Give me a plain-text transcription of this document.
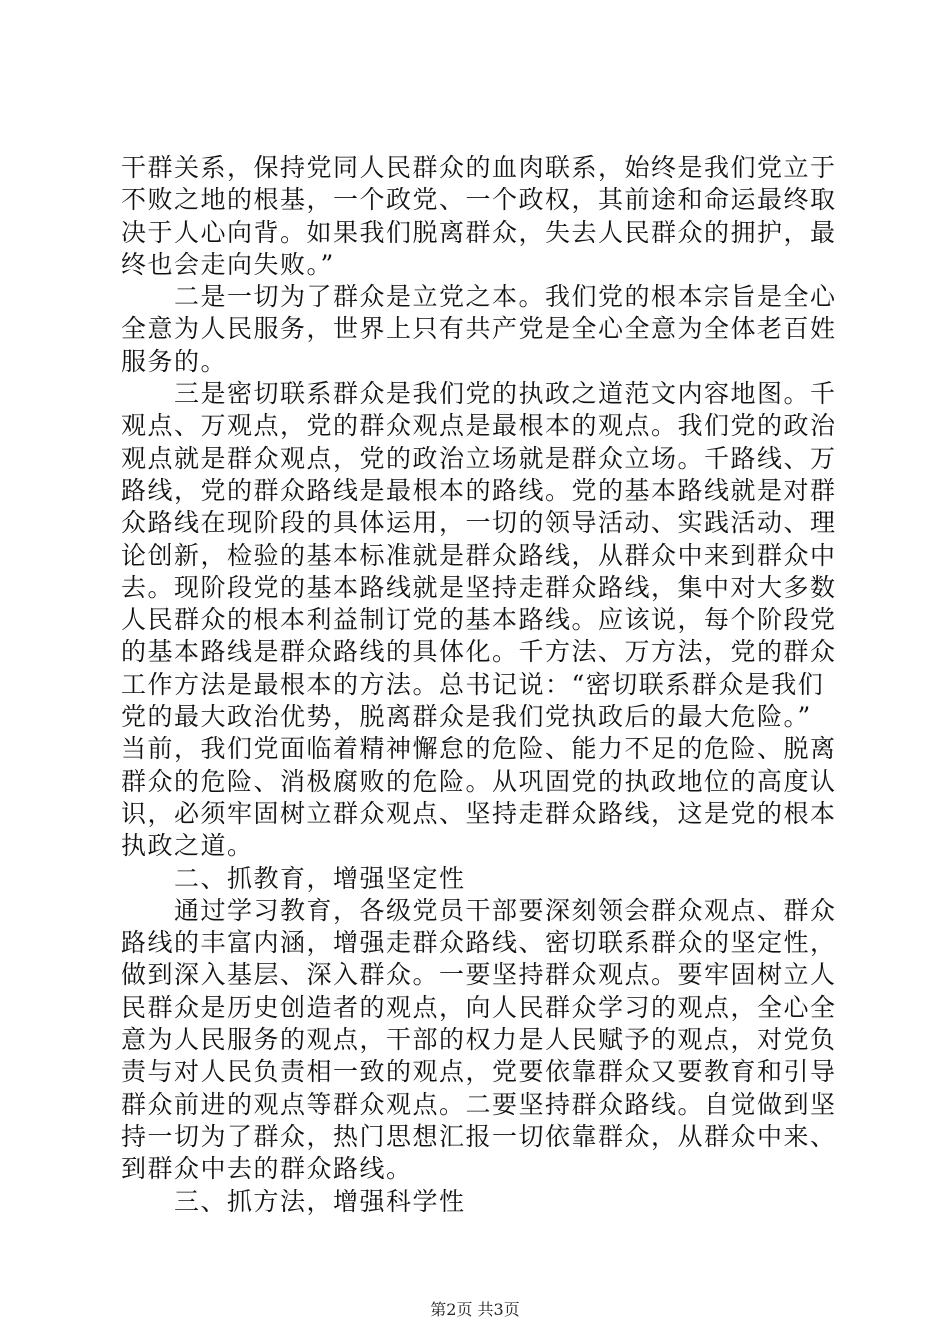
干群关系，保持党同人民群众的血肉联系，始终是我们党立于
不败之地的根基，一个政党、一个政权，其前途和命运最终取
决于人心向背。如果我们脱离群众，失去人民群众的拥护，最
终也会走向失败。”
　　二是一切为了群众是立党之本。我们党的根本宗旨是全心
全意为人民服务，世界上只有共产党是全心全意为全体老百姓
服务的。
　　三是密切联系群众是我们党的执政之道范文内容地图。千
观点、万观点，党的群众观点是最根本的观点。我们党的政治
观点就是群众观点，党的政治立场就是群众立场。千路线、万
路线，党的群众路线是最根本的路线。党的基本路线就是对群
众路线在现阶段的具体运用，一切的领导活动、实践活动、理
论创新，检验的基本标准就是群众路线，从群众中来到群众中
去。现阶段党的基本路线就是坚持走群众路线，集中对大多数
人民群众的根本利益制订党的基本路线。应该说，每个阶段党
的基本路线是群众路线的具体化。千方法、万方法，党的群众
工作方法是最根本的方法。总书记说：“密切联系群众是我们
党的最大政治优势，脱离群众是我们党执政后的最大危险。”
当前，我们党面临着精神懈怠的危险、能力不足的危险、脱离
群众的危险、消极腐败的危险。从巩固党的执政地位的高度认
识，必须牢固树立群众观点、坚持走群众路线，这是党的根本
执政之道。
　　二、抓教育，增强坚定性
　　通过学习教育，各级党员干部要深刻领会群众观点、群众
路线的丰富内涵，增强走群众路线、密切联系群众的坚定性，
做到深入基层、深入群众。一要坚持群众观点。要牢固树立人
民群众是历史创造者的观点，向人民群众学习的观点，全心全
意为人民服务的观点，干部的权力是人民赋予的观点，对党负
责与对人民负责相一致的观点，党要依靠群众又要教育和引导
群众前进的观点等群众观点。二要坚持群众路线。自觉做到坚
持一切为了群众，热门思想汇报一切依靠群众，从群众中来、
到群众中去的群众路线。
　　三、抓方法，增强科学性
第2页 共3页
